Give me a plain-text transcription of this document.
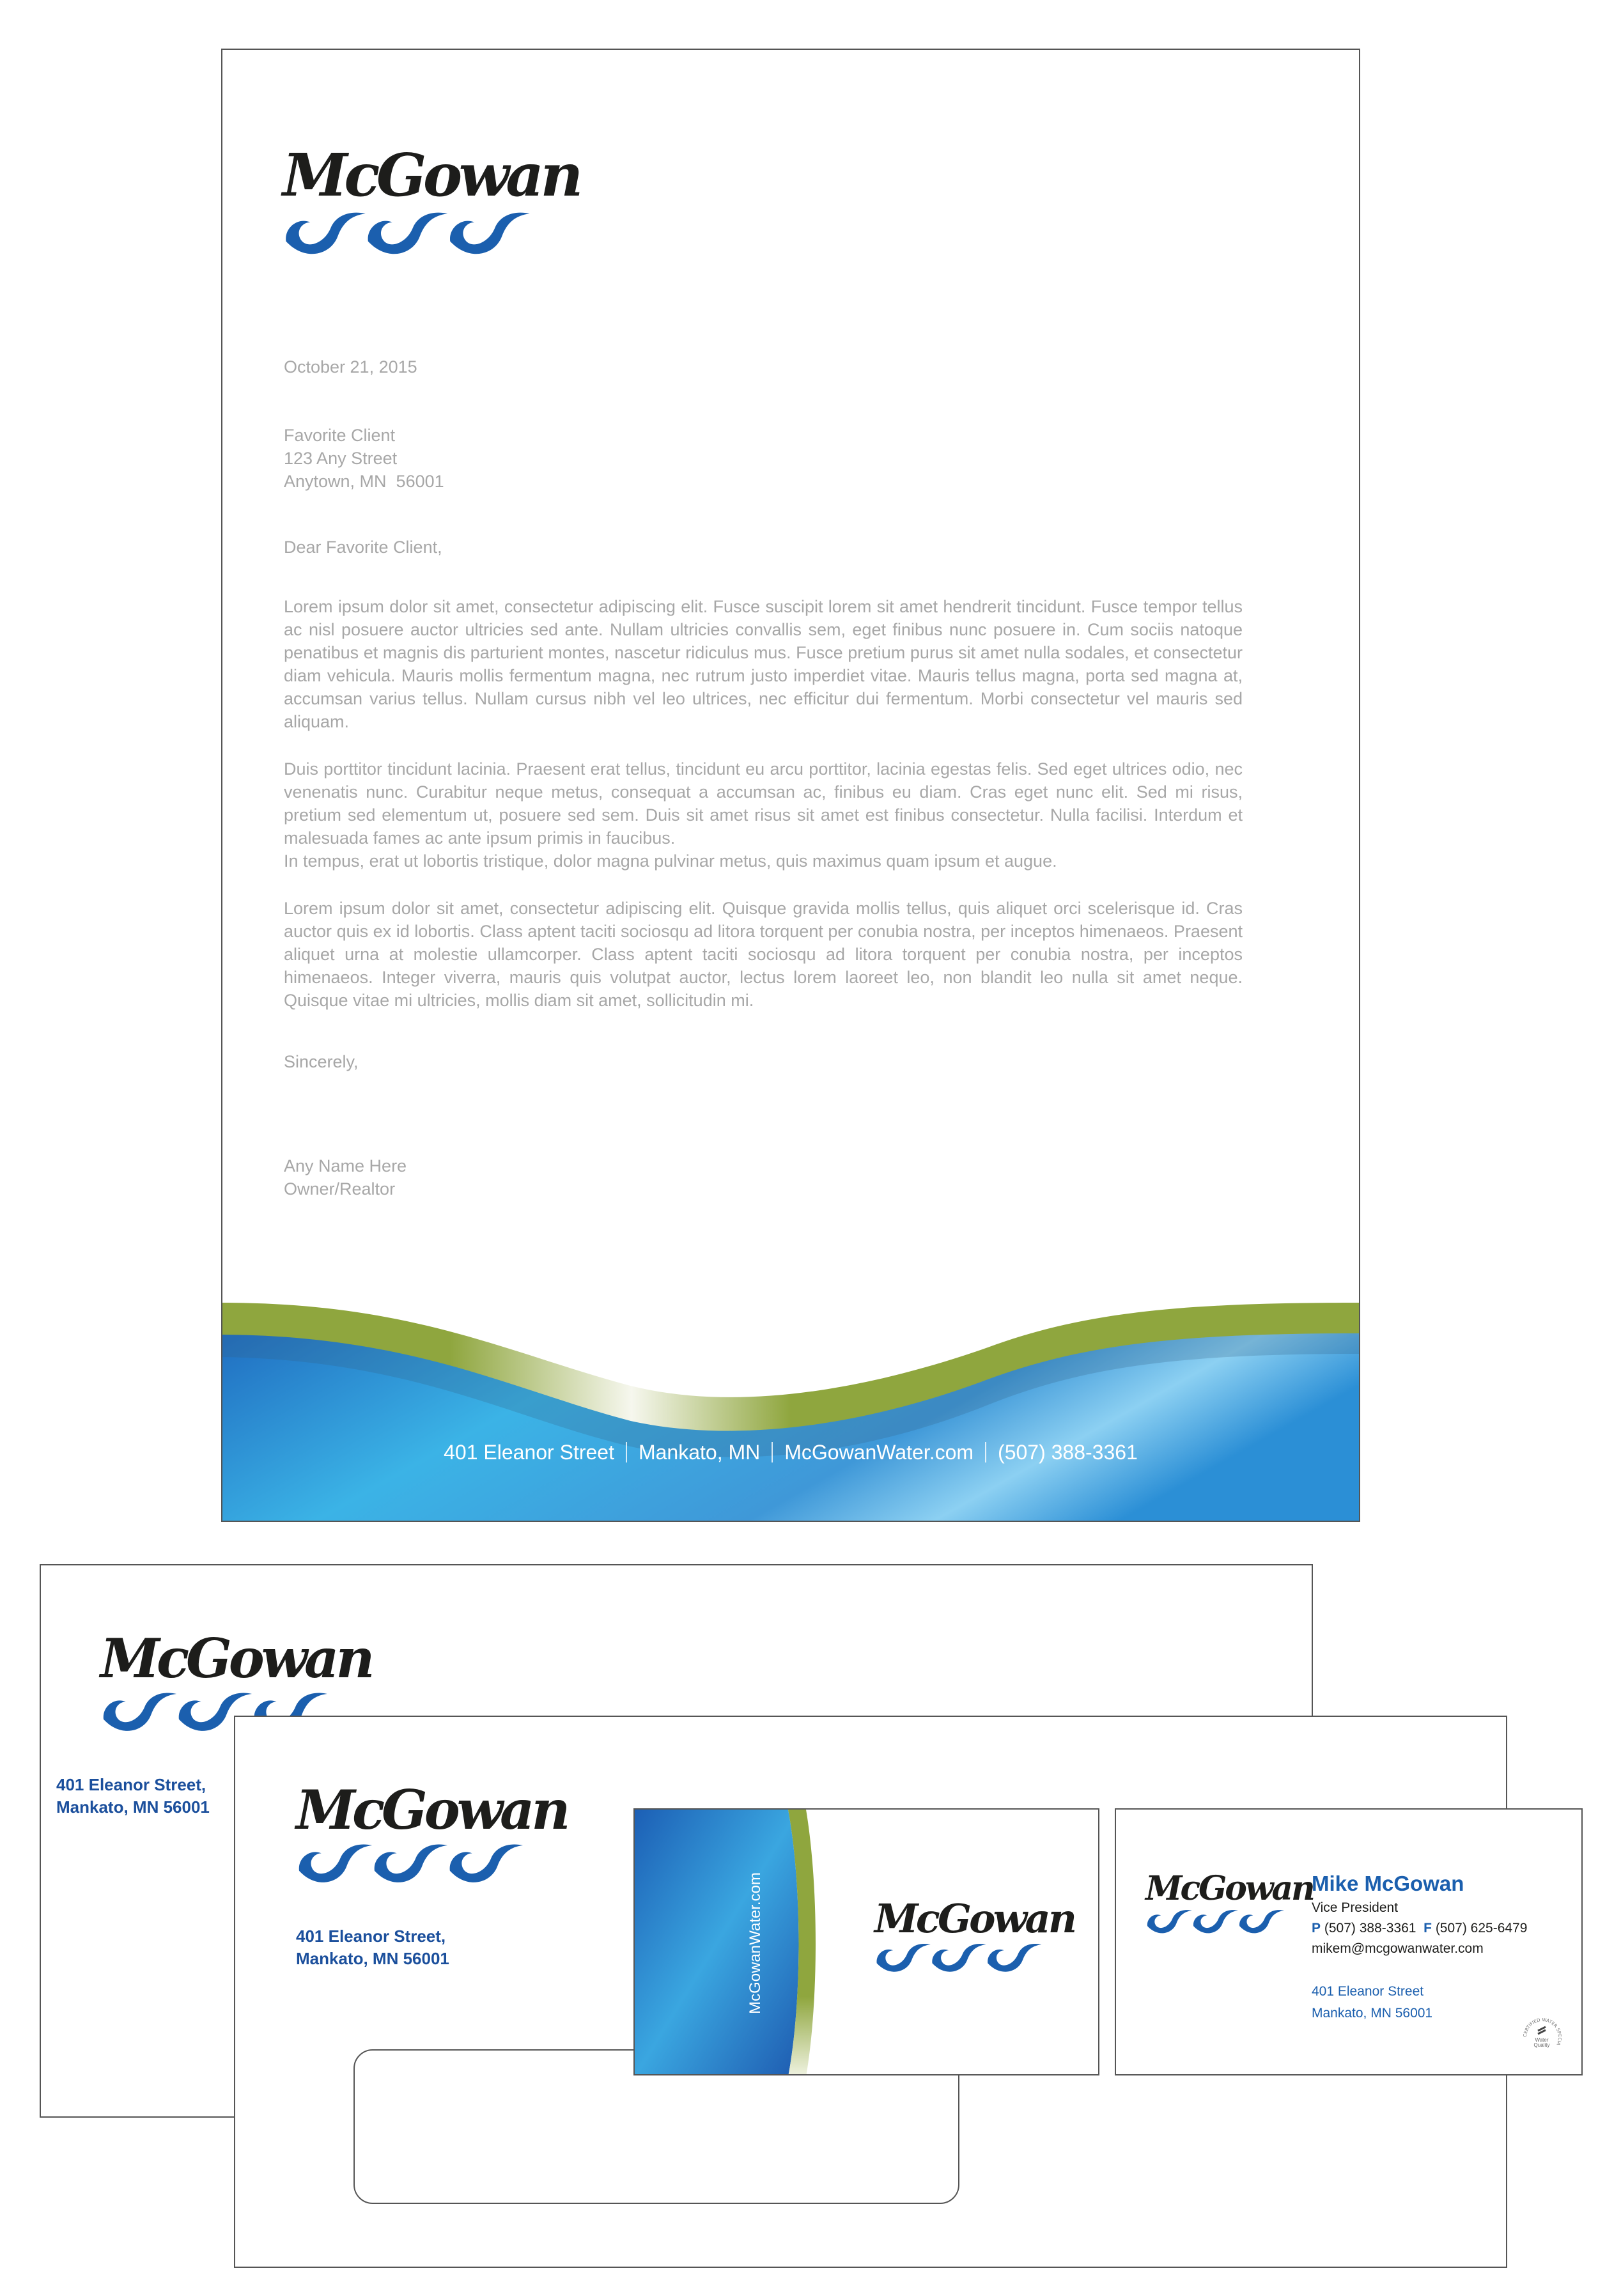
McGowan
October 21, 2015
Favorite Client
123 Any Street
Anytown, MN  56001
Dear Favorite Client,
Lorem ipsum dolor sit amet, consectetur adipiscing elit. Fusce suscipit lorem sit amet hendrerit tincidunt. Fusce tempor tellus ac nisl posuere auctor ultricies sed ante. Nullam ultricies convallis sem, eget finibus nunc posuere in. Cum sociis natoque penatibus et magnis dis parturient montes, nascetur ridiculus mus. Fusce pretium purus sit amet nulla sodales, et consectetur diam vehicula. Mauris mollis fermentum magna, nec rutrum justo imperdiet vitae. Mauris tellus magna, porta sed magna at, accumsan varius tellus. Nullam cursus nibh vel leo ultrices, nec efficitur dui fermentum. Morbi consectetur vel mauris sed aliquam.
Duis porttitor tincidunt lacinia. Praesent erat tellus, tincidunt eu arcu porttitor, lacinia egestas felis. Sed eget ultrices odio, nec venenatis nunc. Curabitur neque metus, consequat a accumsan ac, finibus eu diam. Cras eget nunc elit. Sed mi risus, pretium sed elementum ut, posuere sed sem. Duis sit amet risus sit amet est finibus consectetur. Nulla facilisi. Interdum et malesuada fames ac ante ipsum primis in faucibus.
In tempus, erat ut lobortis tristique, dolor magna pulvinar metus, quis maximus quam ipsum et augue.
Lorem ipsum dolor sit amet, consectetur adipiscing elit. Quisque gravida mollis tellus, quis aliquet orci scelerisque id. Cras auctor quis ex id lobortis. Class aptent taciti sociosqu ad litora torquent per conubia nostra, per inceptos himenaeos. Praesent aliquet urna at molestie ullamcorper. Class aptent taciti sociosqu ad litora torquent per conubia nostra, per inceptos himenaeos. Integer viverra, mauris quis volutpat auctor, lectus lorem laoreet leo, non blandit leo nulla sit amet neque. Quisque vitae mi ultricies, mollis diam sit amet, sollicitudin mi.
Sincerely,
Any Name Here
Owner/Realtor
401 Eleanor Street Mankato, MN McGowanWater.com (507) 388-3361
McGowan
401 Eleanor Street,
Mankato, MN 56001 McGowan
401 Eleanor Street,
Mankato, MN 56001	McGowanWater.com	McGowan
McGowan
Mike McGowan
Vice President
P (507) 388-3361 F (507) 625-6479
mikem@mcgowanwater.com
401 Eleanor Street
Mankato, MN 56001
CERTIFIED WATER SPECIA
Water
Quality
